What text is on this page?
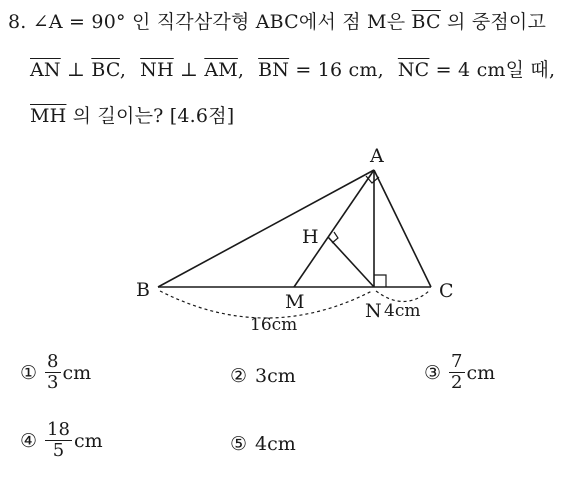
8. ∠A = 90° 인 직각삼각형 ABC에서 점 M은 $\overline{BC}$ 의 중점이고
$\overline{AN}$ ⊥ $\overline{BC}$, $\overline{NH}$ ⊥ $\overline{AM}$, $\overline{BN} = 16$ cm, $\overline{NC} = 4$ cm일 때,
$\overline{MH}$ 의 길이는? [4.6점]
A
B	C
M	N
H
16cm
4cm
① $\frac{8}{3}$ cm	② 3cm	③ $\frac{7}{2}$ cm
④ $\frac{18}{5}$ cm	⑤ 4cm
